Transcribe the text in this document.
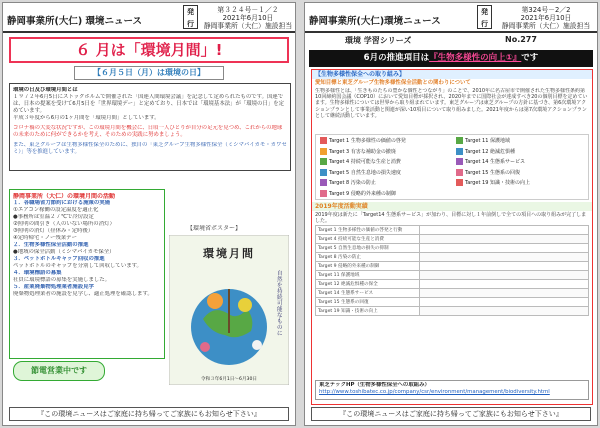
静岡事業所(大仁) 環境ニュース
発行
第３２４号－１／２
2021年6月10日
静岡事業所（大仁）施設担当
６ 月は「環境月間」!
【６月５日（月）は環境の日】
環境の日及び環境月間とは
１９７２年6月5日にストックホルムで開催された「国連人間環境会議」を記念して定められたものです。国連では、日本の提案を受けて6月5日を「世界環境デー」と定めており、日本では「環境基本法」が「環境の日」を定めています。
平成３年度から6月の1ヶ月間を「環境月間」としています。
コロナ禍の大変な状況ですが、この環境月間を機会に、日頃一人ひとりが自分の足元を見つめ、これからの地球の未来のために何ができるかを考え、そのための実践に努めましょう。
また、東芝グループは生物多様性保全のために、独自の「東芝グループ生物多様性保全（ミシマバイカモ・カワセミ）」等を推進しています。
静岡事業所（大仁）の環境月間の活動
１．各職場省力節約における施策の実施
①エアコン稼働の設定温度を適正化
●事務所は室温２７℃で冷房設定
②照明の間引き（人のいない場所の消灯）
③照明の消灯（昼休み・定時後）
④定時帰宅・ノー残業デー
２．生物多様性保全活動の推進
●地域の保全活動（ミシマバイカモ保全）
３．ペットボトルキャップ回収の推進
ペットボトルのキャップを分別して回収しています。
４．環境標語の募集
社員に環境標語の募集を実施しました。
５．産業廃棄物処理業者施設見学
廃棄物処理業者の施設を見学し、適正処理を確認します。
【環境省ポスター】
環境月間
自然を持続可能なものに
令和３年6月1日～6月30日
節電営業中です
『この環境ニュースはご家庭に持ち帰ってご家族にもお知らせ下さい』
静岡事業所(大仁)環境ニュース
発行
第324号－2／2
2021年6月10日
静岡事業所（大仁）施設担当
環境 学習シリーズ	No.277
6月の推進項目は『生物多様性の向上①』です
【生物多様性保全への取り組み】
愛知目標と東芝グループ生物多様性保全活動との関わりについて
生物多様性とは、「生きものたちの豊かな個性とつながり」のことで、2010年に名古屋市で開催された生物多様性条約第10回締約国会議（COP10）において愛知目標が採択され、2020年までに国際社会が達成すべき20の個別目標を定めています。生物多様性については世界から取り組まれています。東芝グループは東芝グループの方針に基づき、第6次環境アクションプランとして事業活動と関連が深い10項目について取り組みました。2021年度からは第7次環境アクションプランとして継続活動しています。
Target 1 生物多様性の価値の啓発
Target 3 有害な補助金の撤廃
Target 4 持続可能な生産と消費
Target 5 自然生息地の損失速度
Target 8 汚染の防止
Target 9 侵略的外来種の制御
Target 11 保護地域
Target 12 絶滅危惧種
Target 14 生態系サービス
Target 15 生態系の回復
Target 19 知識・技術の向上
2019年度活動実績
2019年度は新たに「Target14 生態系サービス」が加わり、目標に対し１年前倒しで全ての項目への取り組みが完了しました。
Target 1 生物多様性の価値の啓発と行動	
Target 4 持続可能な生産と消費	
Target 5 自然生息地の損失の抑制	
Target 8 汚染の防止	
Target 9 侵略的外来種の制御	
Target 11 保護地域	
Target 12 絶滅危惧種の保全	
Target 14 生態系サービス	
Target 15 生態系の回復	
Target 19 知識・技術の向上	
東芝テックHP（生物多様性保全への取組み）
http://www.toshibatec.co.jp/company/csr/environment/management/biodiversity.html
『この環境ニュースはご家庭に持ち帰ってご家族にもお知らせ下さい』
